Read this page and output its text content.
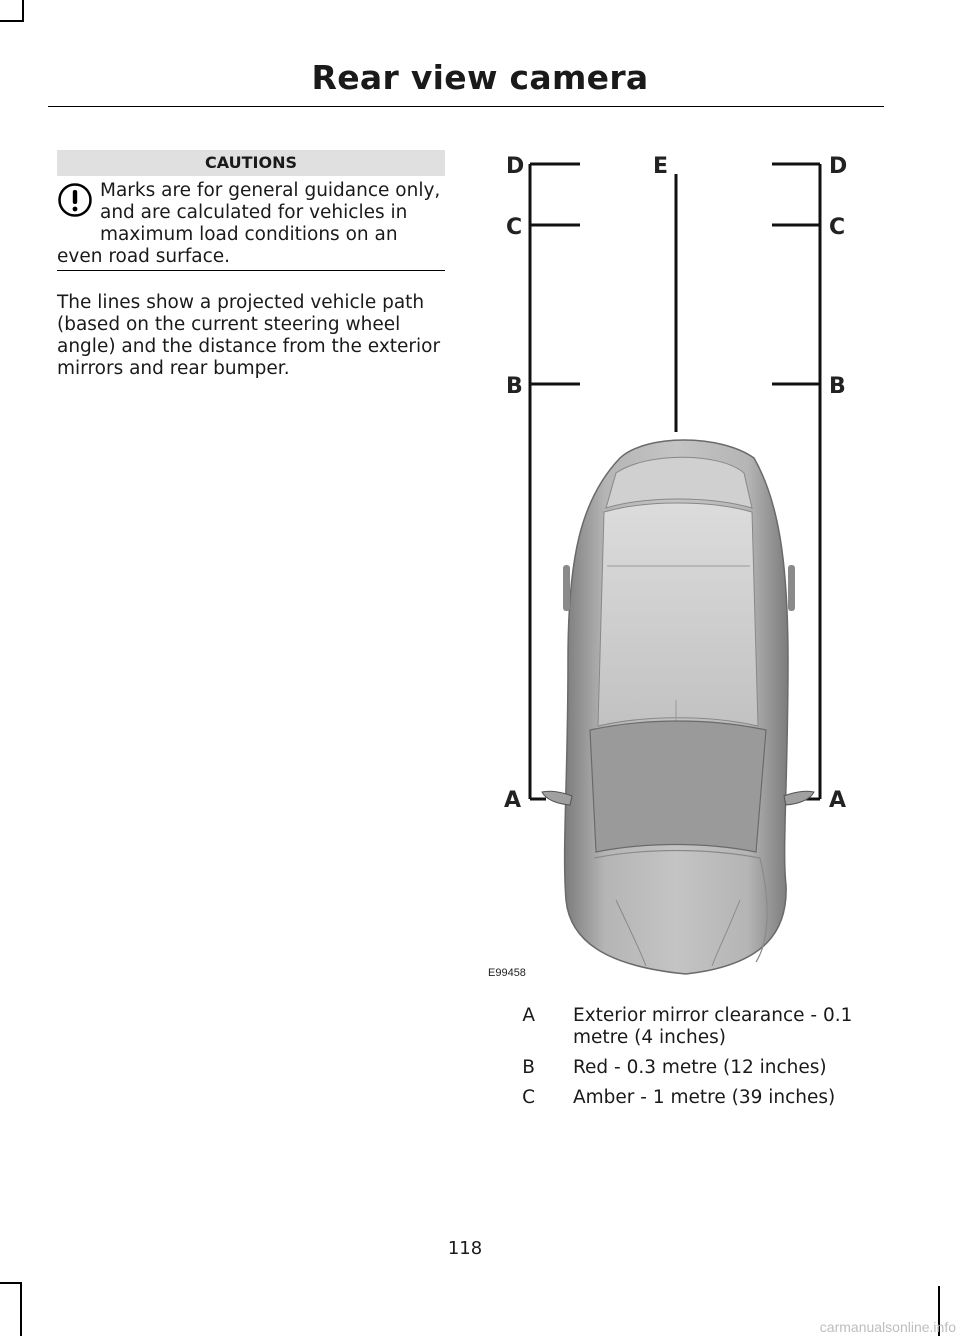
Rear view camera
CAUTIONS
Marks are for general guidance only, and are calculated for vehicles in maximum load conditions on an even road surface.
The lines show a projected vehicle path (based on the current steering wheel angle) and the distance from the exterior mirrors and rear bumper.
D
C
B
A
E	D
C
B
A
E99458
A	Exterior mirror clearance - 0.1 metre (4 inches)
B	Red - 0.3 metre (12 inches)
C	Amber - 1 metre (39 inches)
118
carmanualsonline.info
